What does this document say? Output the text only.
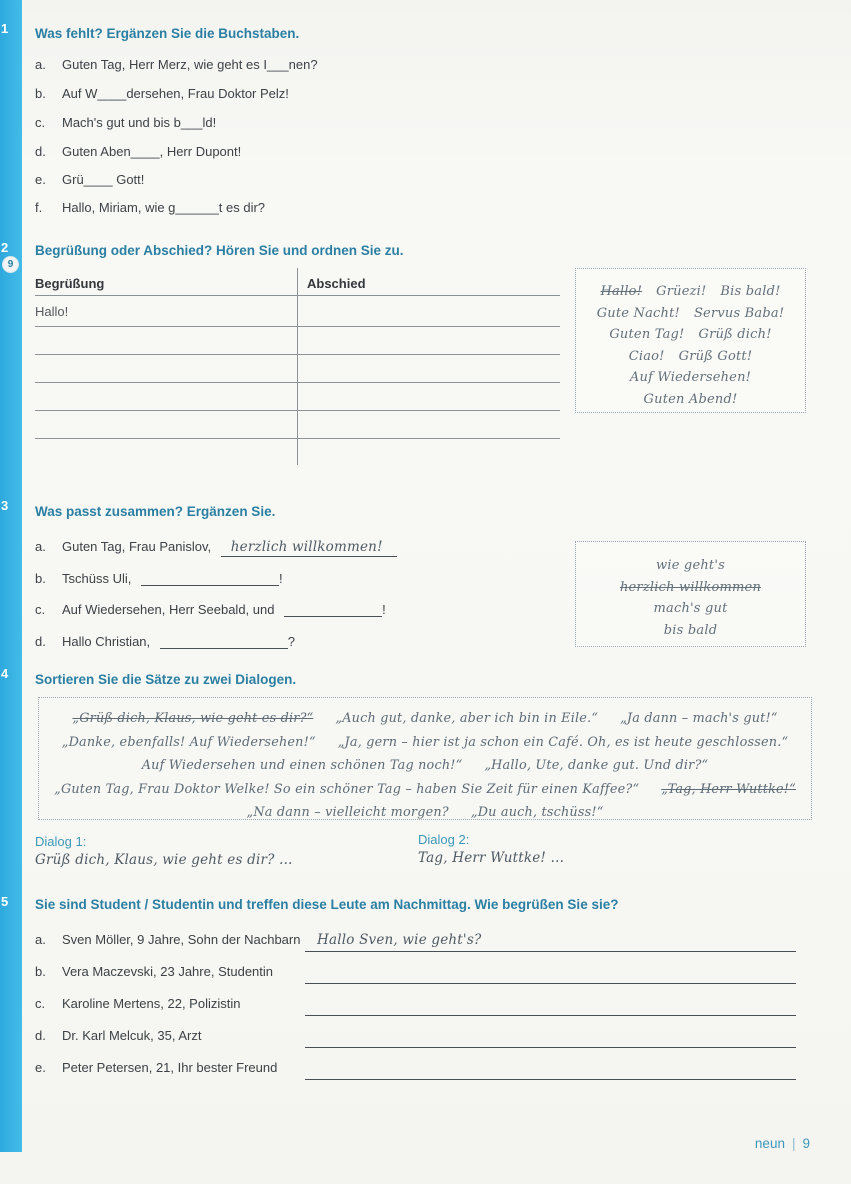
1
2
9
3
4
5
Was fehlt? Ergänzen Sie die Buchstaben.
a. Guten Tag, Herr Merz, wie geht es I___nen?
b. Auf W____dersehen, Frau Doktor Pelz!
c. Mach's gut und bis b___ld!
d. Guten Aben____, Herr Dupont!
e. Grü____ Gott!
f. Hallo, Miriam, wie g______t es dir?
Begrüßung oder Abschied? Hören Sie und ordnen Sie zu.
Begrüßung	Abschied
Hallo!
Hallo! Grüezi! Bis bald!
Gute Nacht! Servus Baba!
Guten Tag! Grüß dich!
Ciao! Grüß Gott!
Auf Wiedersehen!
Guten Abend!
Was passt zusammen? Ergänzen Sie.
a. Guten Tag, Frau Panislov, herzlich willkommen!
b. Tschüss Uli,	!
c. Auf Wiedersehen, Herr Seebald, und	!
d. Hallo Christian,	?
wie geht's
herzlich willkommen
mach's gut
bis bald
Sortieren Sie die Sätze zu zwei Dialogen.
„Grüß dich, Klaus, wie geht es dir?“ „Auch gut, danke, aber ich bin in Eile.“ „Ja dann – mach's gut!“
„Danke, ebenfalls! Auf Wiedersehen!“ „Ja, gern – hier ist ja schon ein Café. Oh, es ist heute geschlossen.“
Auf Wiedersehen und einen schönen Tag noch!“ „Hallo, Ute, danke gut. Und dir?“
„Guten Tag, Frau Doktor Welke! So ein schöner Tag – haben Sie Zeit für einen Kaffee?“ „Tag, Herr Wuttke!“
„Na dann – vielleicht morgen? „Du auch, tschüss!“
Dialog 1:
Grüß dich, Klaus, wie geht es dir? …
Dialog 2:
Tag, Herr Wuttke! …
Sie sind Student / Studentin und treffen diese Leute am Nachmittag. Wie begrüßen Sie sie?
a. Sven Möller, 9 Jahre, Sohn der Nachbarn	Hallo Sven, wie geht's?
b. Vera Maczevski, 23 Jahre, Studentin
c. Karoline Mertens, 22, Polizistin
d. Dr. Karl Melcuk, 35, Arzt
e. Peter Petersen, 21, Ihr bester Freund
neun | 9
